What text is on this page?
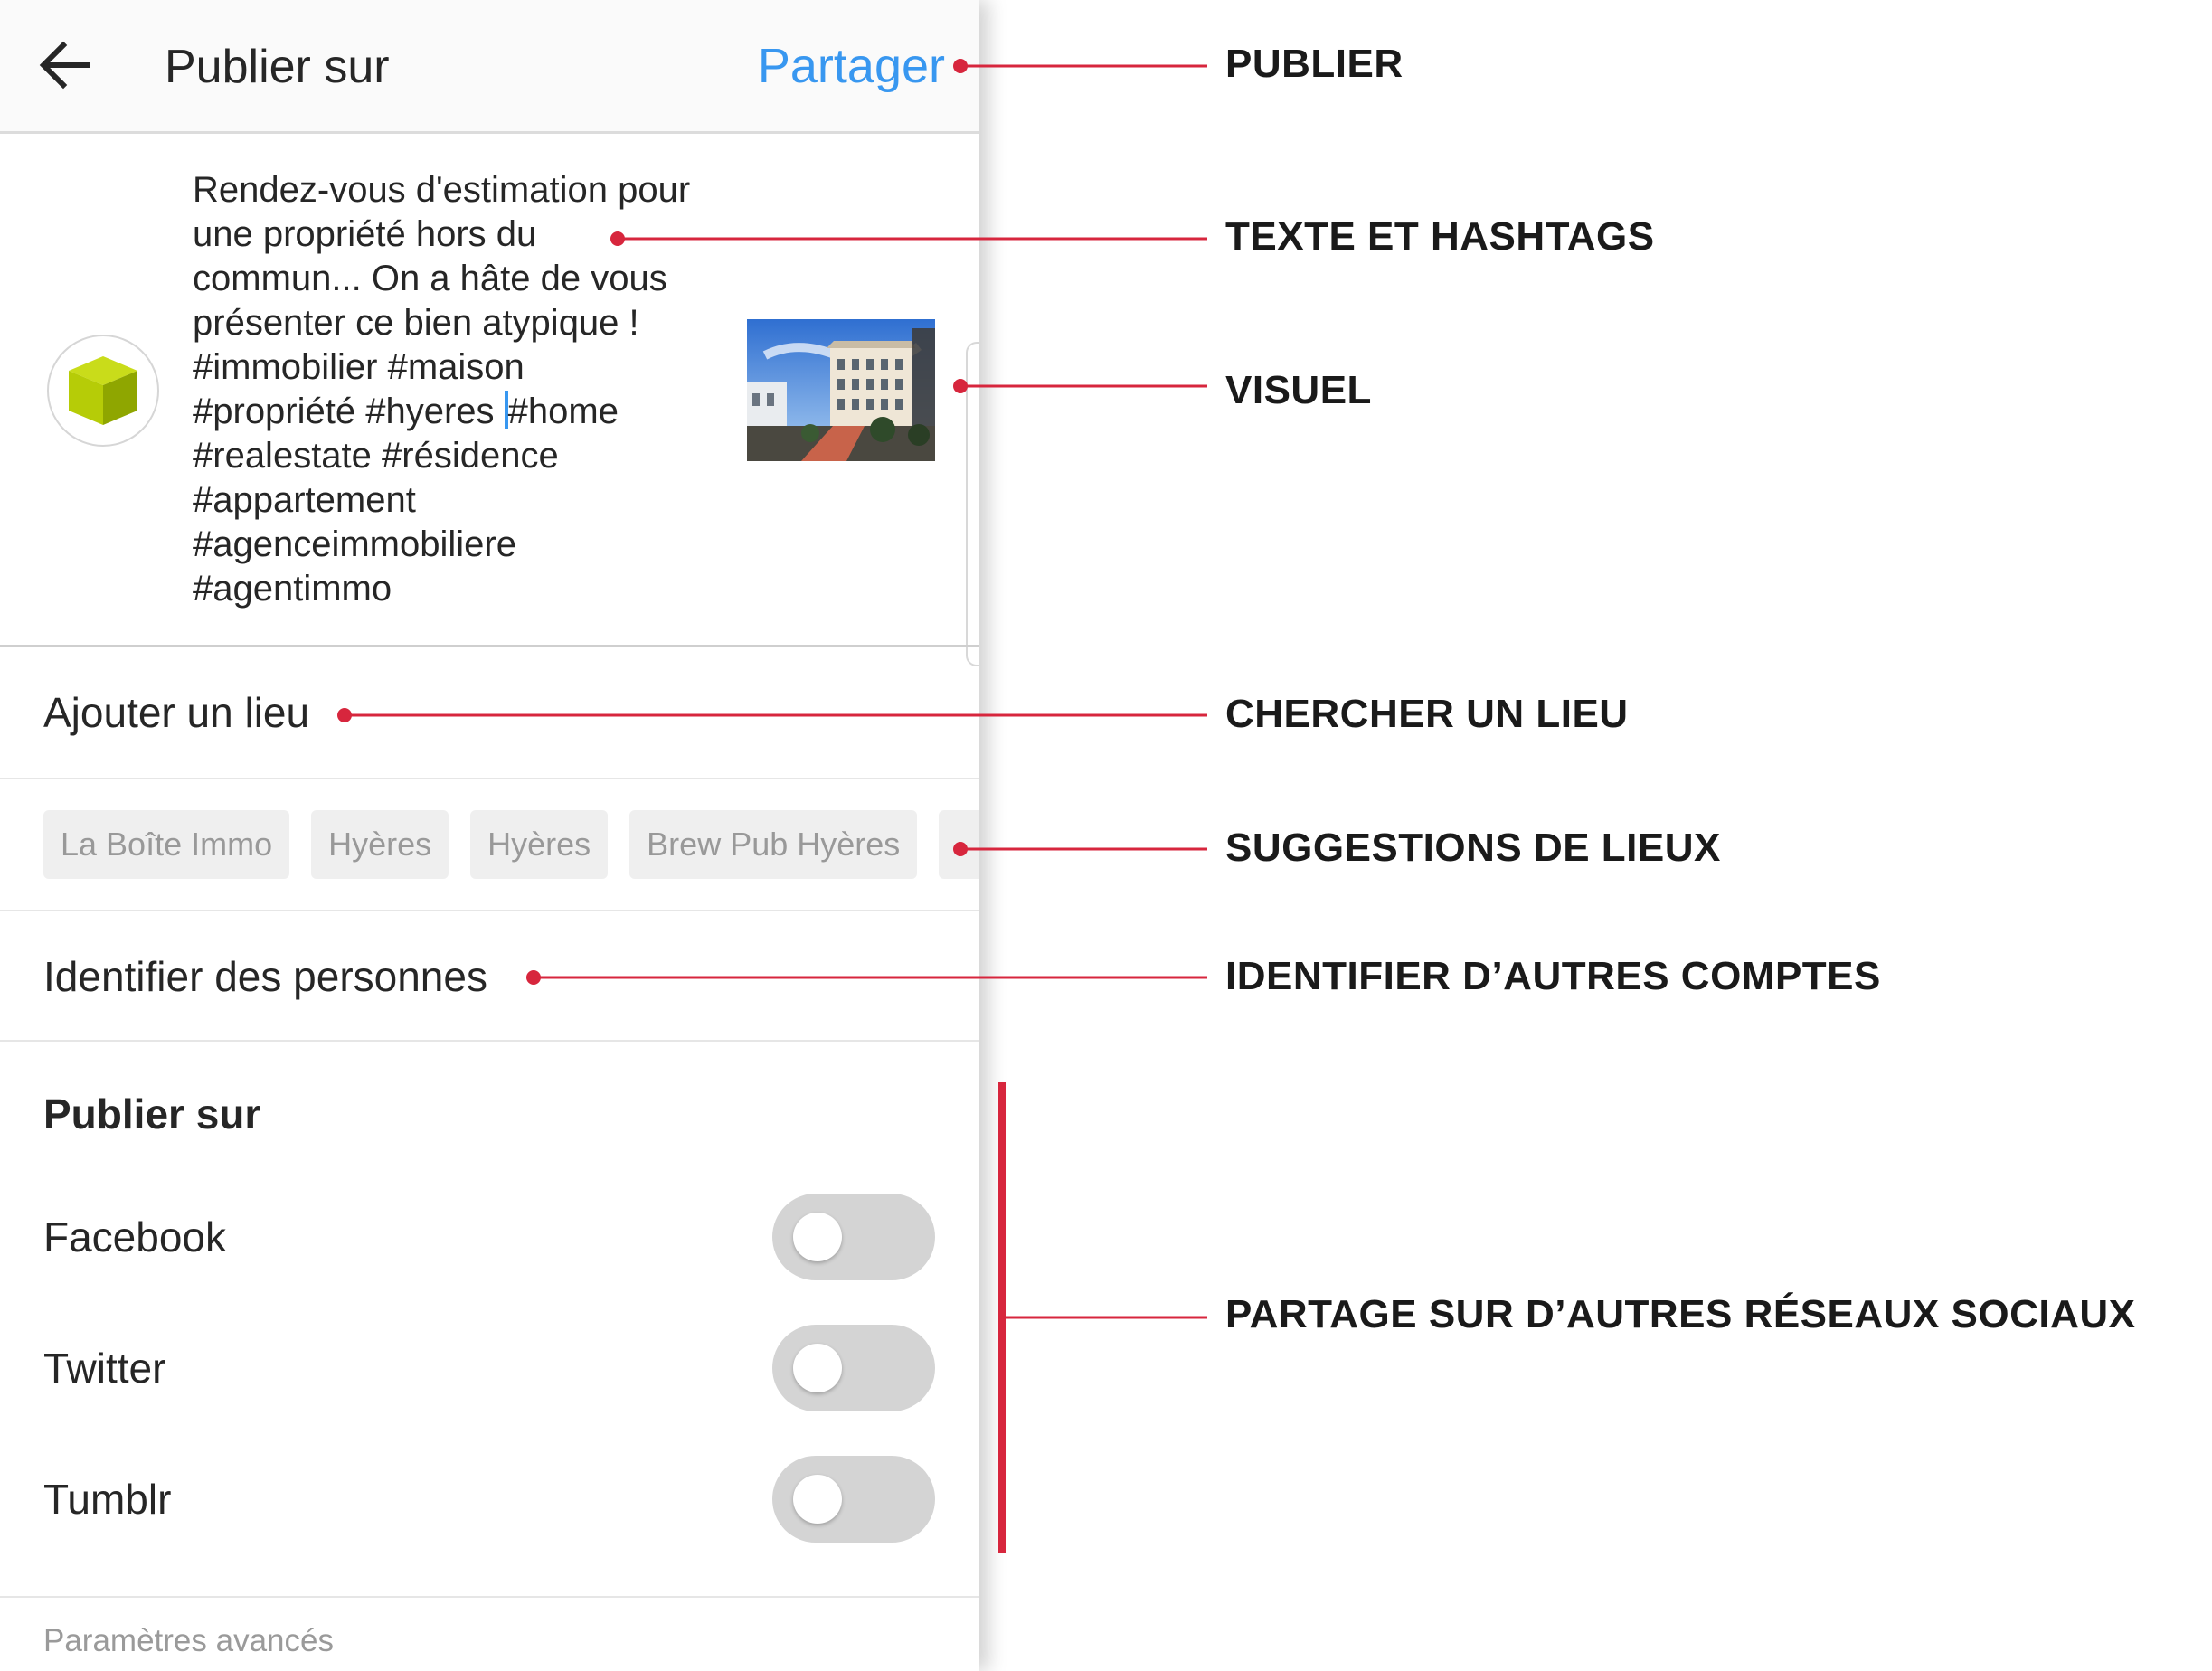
Publier sur	Partager
Rendez-vous d'estimation pour
une propriété hors du
commun... On a hâte de vous
présenter ce bien atypique !
#immobilier #maison
#propriété #hyeres #home
#realestate #résidence
#appartement
#agenceimmobiliere
#agentimmo
Ajouter un lieu
La Boîte Immo Hyères Hyères Brew Pub Hyères
Identifier des personnes
Publier sur
Facebook
Twitter
Tumblr
Paramètres avancés
PUBLIER
TEXTE ET HASHTAGS
VISUEL
CHERCHER UN LIEU
SUGGESTIONS DE LIEUX
IDENTIFIER D’AUTRES COMPTES
PARTAGE SUR D’AUTRES RÉSEAUX SOCIAUX
